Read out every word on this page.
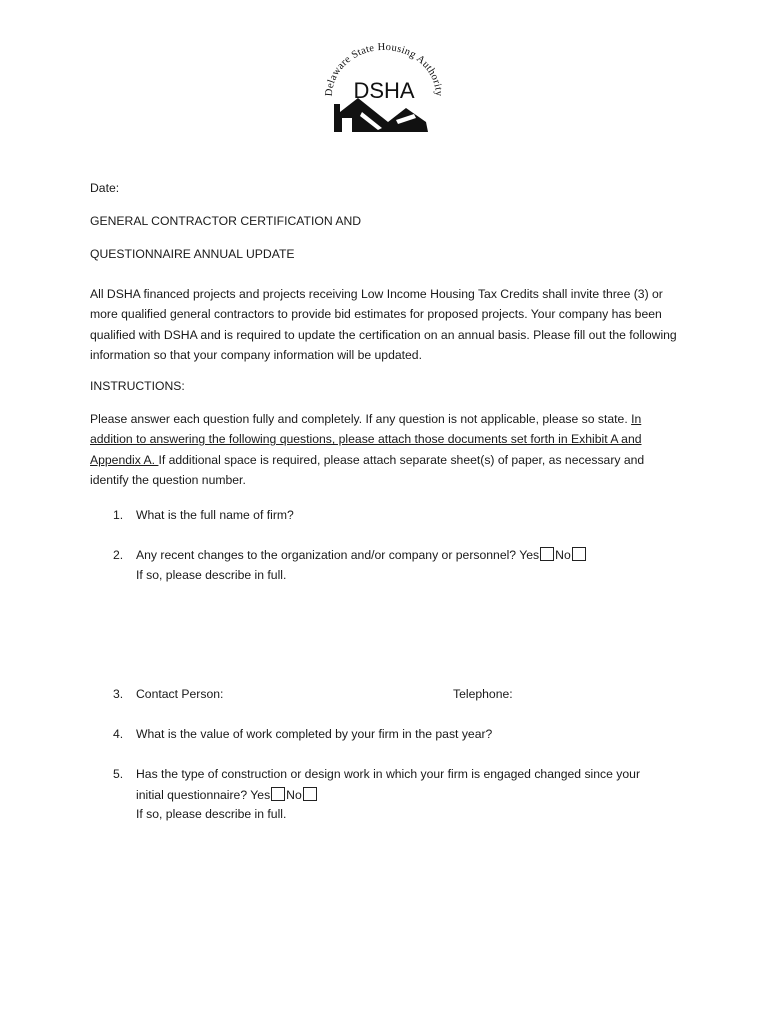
Delaware State Housing Authority
DSHA
Date:
GENERAL CONTRACTOR CERTIFICATION AND
QUESTIONNAIRE ANNUAL UPDATE
All DSHA financed projects and projects receiving Low Income Housing Tax Credits shall invite three (3) or more qualified general contractors to provide bid estimates for proposed projects. Your company has been qualified with DSHA and is required to update the certification on an annual basis. Please fill out the following information so that your company information will be updated.
INSTRUCTIONS:
Please answer each question fully and completely. If any question is not applicable, please so state. In addition to answering the following questions, please attach those documents set forth in Exhibit A and Appendix A. If additional space is required, please attach separate sheet(s) of paper, as necessary and identify the question number.
1. What is the full name of firm?
2. Any recent changes to the organization and/or company or personnel? Yes No
If so, please describe in full.
3. Contact Person:	Telephone:
4. What is the value of work completed by your firm in the past year?
5. Has the type of construction or design work in which your firm is engaged changed since your
initial questionnaire? Yes No
If so, please describe in full.
